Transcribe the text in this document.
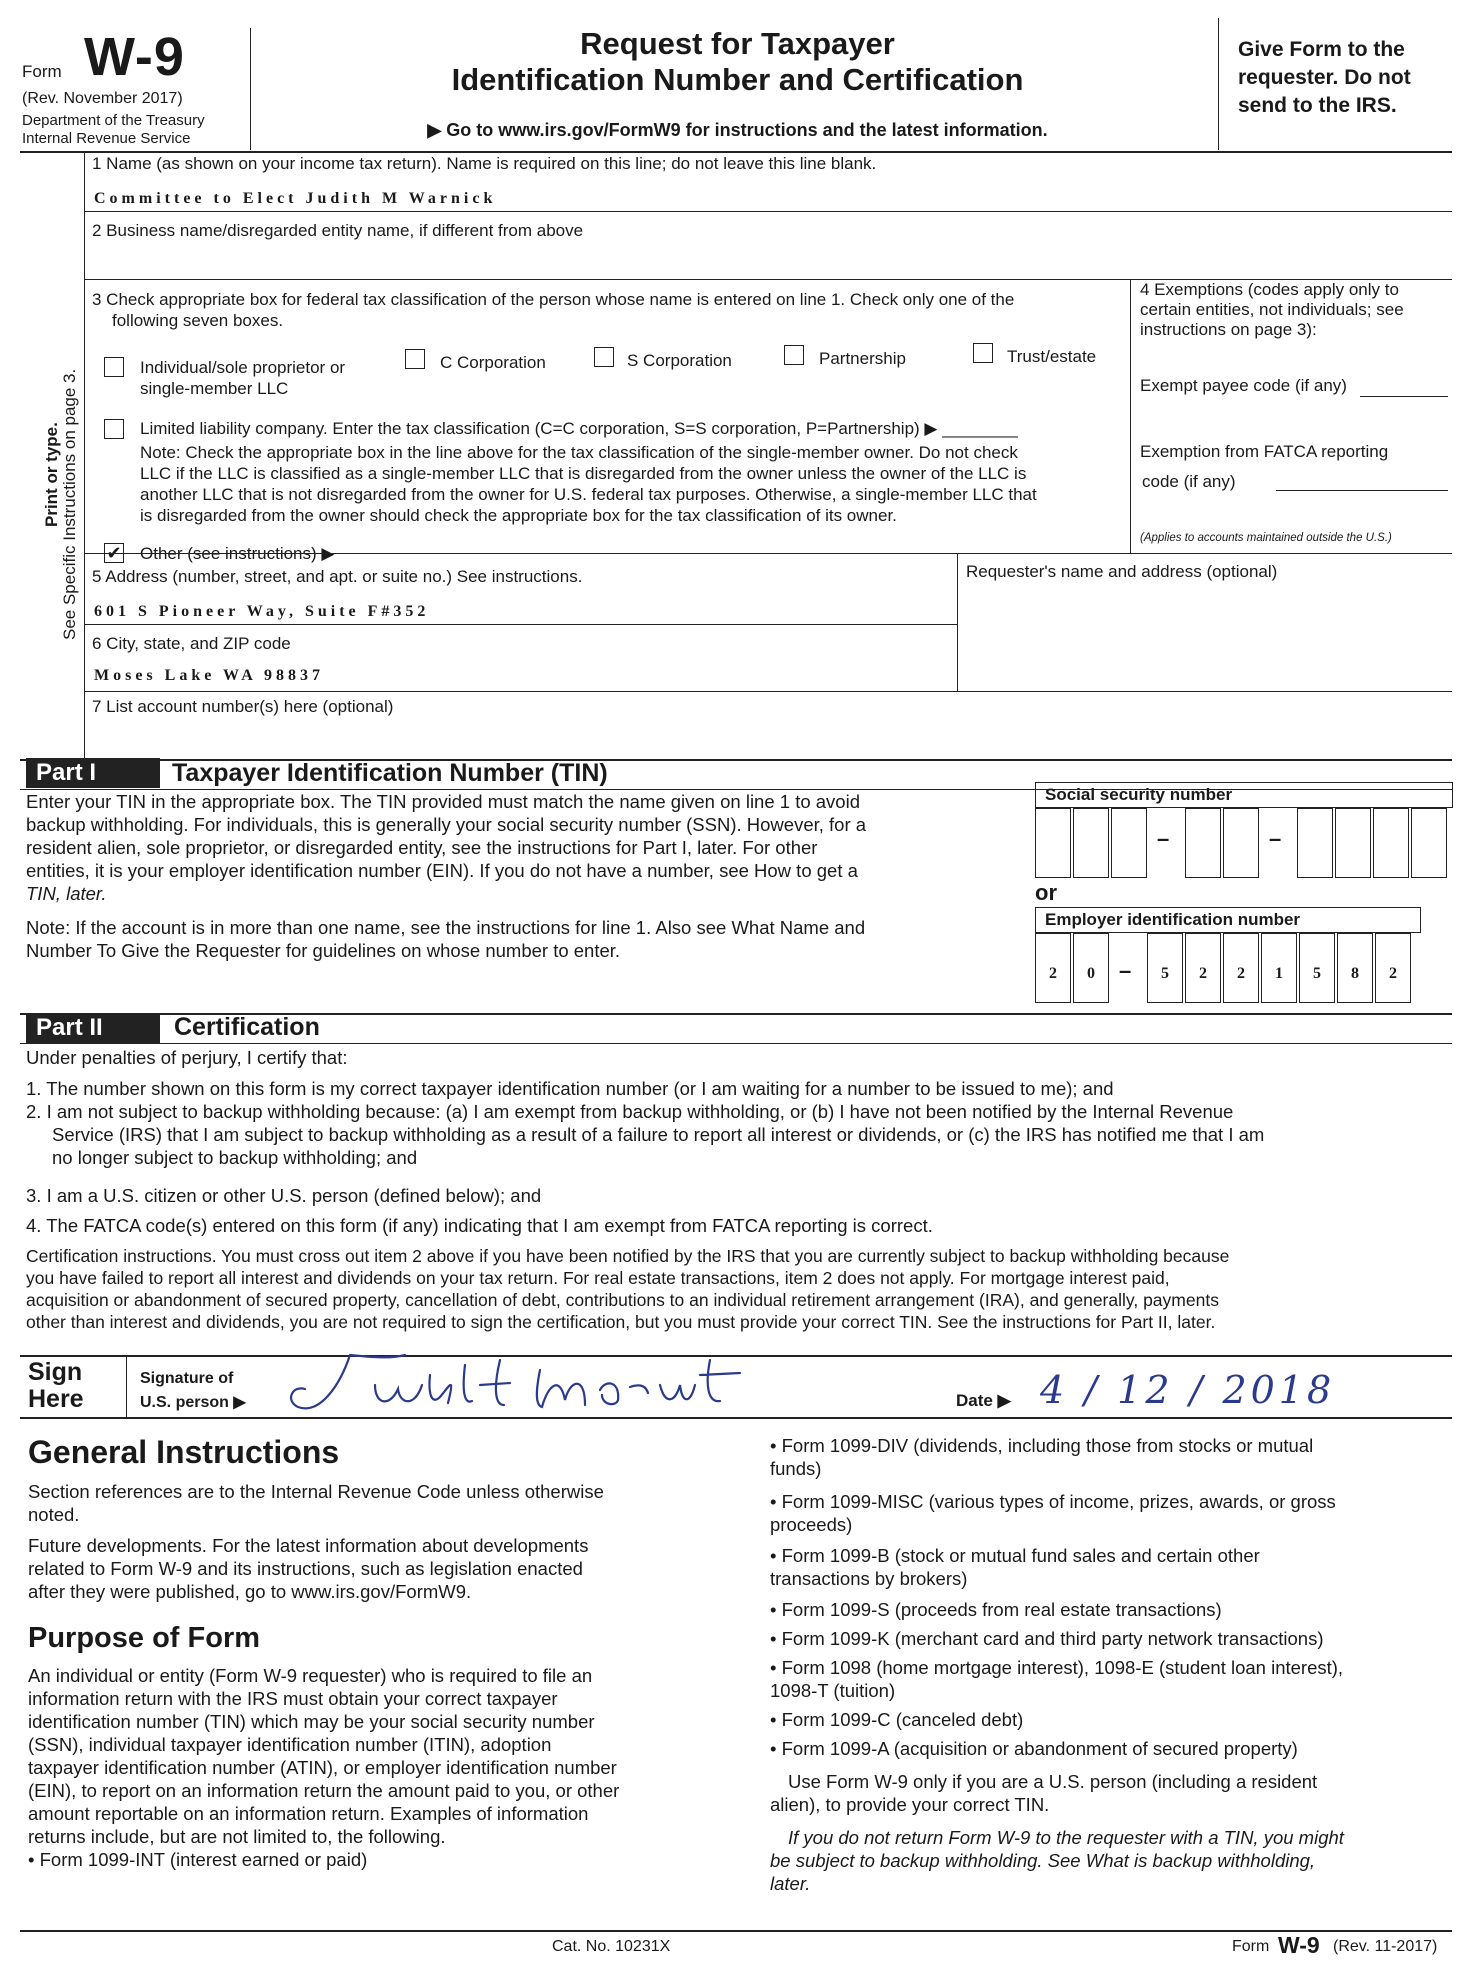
Form W-9
(Rev. November 2017)
Department of the Treasury
Internal Revenue Service
Request for Taxpayer
Identification Number and Certification
▶ Go to www.irs.gov/FormW9 for instructions and the latest information.
Give Form to the
requester. Do not
send to the IRS.
Print or type. See Specific Instructions on page 3.
1 Name (as shown on your income tax return). Name is required on this line; do not leave this line blank.
Committee to Elect Judith M Warnick
2 Business name/disregarded entity name, if different from above
3 Check appropriate box for federal tax classification of the person whose name is entered on line 1. Check only one of the
following seven boxes.
Individual/sole proprietor or
single-member LLC
C Corporation	S Corporation	Partnership	Trust/estate
Limited liability company. Enter the tax classification (C=C corporation, S=S corporation, P=Partnership) ▶ ________
Note: Check the appropriate box in the line above for the tax classification of the single-member owner. Do not check
LLC if the LLC is classified as a single-member LLC that is disregarded from the owner unless the owner of the LLC is
another LLC that is not disregarded from the owner for U.S. federal tax purposes. Otherwise, a single-member LLC that
is disregarded from the owner should check the appropriate box for the tax classification of its owner.
✔ Other (see instructions) ▶
4 Exemptions (codes apply only to
certain entities, not individuals; see
instructions on page 3):
Exempt payee code (if any)
Exemption from FATCA reporting
code (if any)
(Applies to accounts maintained outside the U.S.)
5 Address (number, street, and apt. or suite no.) See instructions.
601 S Pioneer Way, Suite F#352
Requester's name and address (optional)
6 City, state, and ZIP code
Moses Lake WA 98837
7 List account number(s) here (optional)
Part I	Taxpayer Identification Number (TIN)

Enter your TIN in the appropriate box. The TIN provided must match the name given on line 1 to avoid

backup withholding. For individuals, this is generally your social security number (SSN). However, for a

resident alien, sole proprietor, or disregarded entity, see the instructions for Part I, later. For other

entities, it is your employer identification number (EIN). If you do not have a number, see How to get a

TIN, later.

Note: If the account is in more than one name, see the instructions for line 1. Also see What Name and

Number To Give the Requester for guidelines on whose number to enter.

Social security number
–	–
or
Employer identification number
2	0	–	5	2	2	1	5	8	2
Part II	Certification
Under penalties of perjury, I certify that:
1. The number shown on this form is my correct taxpayer identification number (or I am waiting for a number to be issued to me); and

2. I am not subject to backup withholding because: (a) I am exempt from backup withholding, or (b) I have not been notified by the Internal Revenue

Service (IRS) that I am subject to backup withholding as a result of a failure to report all interest or dividends, or (c) the IRS has notified me that I am

no longer subject to backup withholding; and

3. I am a U.S. citizen or other U.S. person (defined below); and
4. The FATCA code(s) entered on this form (if any) indicating that I am exempt from FATCA reporting is correct.

Certification instructions. You must cross out item 2 above if you have been notified by the IRS that you are currently subject to backup withholding because

you have failed to report all interest and dividends on your tax return. For real estate transactions, item 2 does not apply. For mortgage interest paid,

acquisition or abandonment of secured property, cancellation of debt, contributions to an individual retirement arrangement (IRA), and generally, payments

other than interest and dividends, you are not required to sign the certification, but you must provide your correct TIN. See the instructions for Part II, later.

Sign
Here
Signature of
U.S. person ▶	Date ▶ 4 / 12 / 2018
General Instructions

Section references are to the Internal Revenue Code unless otherwise

noted.

Future developments. For the latest information about developments

related to Form W-9 and its instructions, such as legislation enacted

after they were published, go to www.irs.gov/FormW9.

Purpose of Form

An individual or entity (Form W-9 requester) who is required to file an

information return with the IRS must obtain your correct taxpayer

identification number (TIN) which may be your social security number

(SSN), individual taxpayer identification number (ITIN), adoption

taxpayer identification number (ATIN), or employer identification number

(EIN), to report on an information return the amount paid to you, or other

amount reportable on an information return. Examples of information

returns include, but are not limited to, the following.

• Form 1099-INT (interest earned or paid)

• Form 1099-DIV (dividends, including those from stocks or mutual

funds)

• Form 1099-MISC (various types of income, prizes, awards, or gross

proceeds)

• Form 1099-B (stock or mutual fund sales and certain other

transactions by brokers)

• Form 1099-S (proceeds from real estate transactions)

• Form 1099-K (merchant card and third party network transactions)

• Form 1098 (home mortgage interest), 1098-E (student loan interest),

1098-T (tuition)

• Form 1099-C (canceled debt)

• Form 1099-A (acquisition or abandonment of secured property)

Use Form W-9 only if you are a U.S. person (including a resident

alien), to provide your correct TIN.

If you do not return Form W-9 to the requester with a TIN, you might

be subject to backup withholding. See What is backup withholding,

later.

Cat. No. 10231X	Form W-9 (Rev. 11-2017)
